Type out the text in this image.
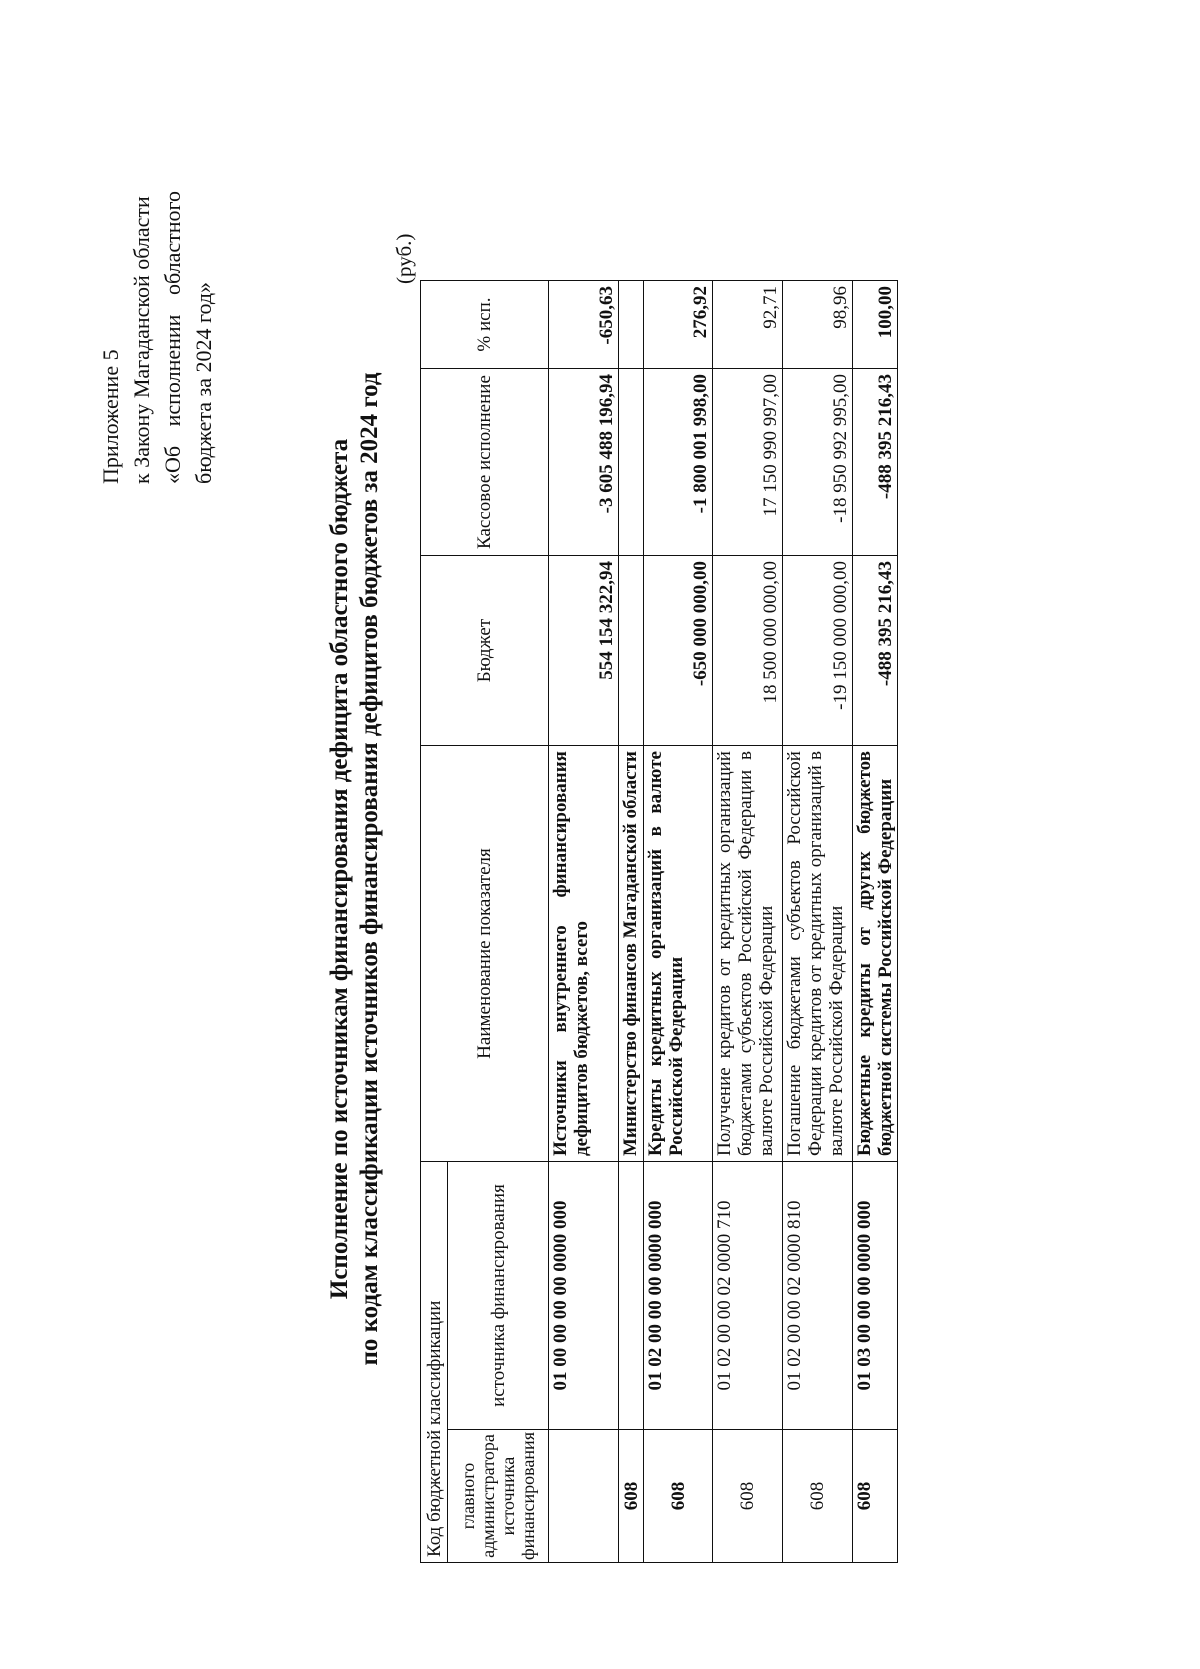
Приложение 5 к Закону Магаданской области «Об исполнении областного бюджета за 2024 год»
Исполнение по источникам финансирования дефицита областного бюджета по кодам классификации источников финансирования дефицитов бюджетов за 2024 год
(руб.)
Код бюджетной классификации		Наименование показателя	Бюджет	Кассовое исполнение	% исп.
главного администратора источника финансирования	источника финансирования				
	01 00 00 00 00 0000 000	Источники внутреннего финансирования дефицитов бюджетов, всего	554 154 322,94	-3 605 488 196,94	-650,63
608		Министерство финансов Магаданской области			
608	01 02 00 00 00 0000 000	Кредиты кредитных организаций в валюте Российской Федерации	-650 000 000,00	-1 800 001 998,00	276,92
608	01 02 00 00 02 0000 710	Получение кредитов от кредитных организаций бюджетами субъектов Российской Федерации в валюте Российской Федерации	18 500 000 000,00	17 150 990 997,00	92,71
608	01 02 00 00 02 0000 810	Погашение бюджетами субъектов Российской Федерации кредитов от кредитных организаций в валюте Российской Федерации	-19 150 000 000,00	-18 950 992 995,00	98,96
608	01 03 00 00 00 0000 000	Бюджетные кредиты от других бюджетов бюджетной системы Российской Федерации	-488 395 216,43	-488 395 216,43	100,00
